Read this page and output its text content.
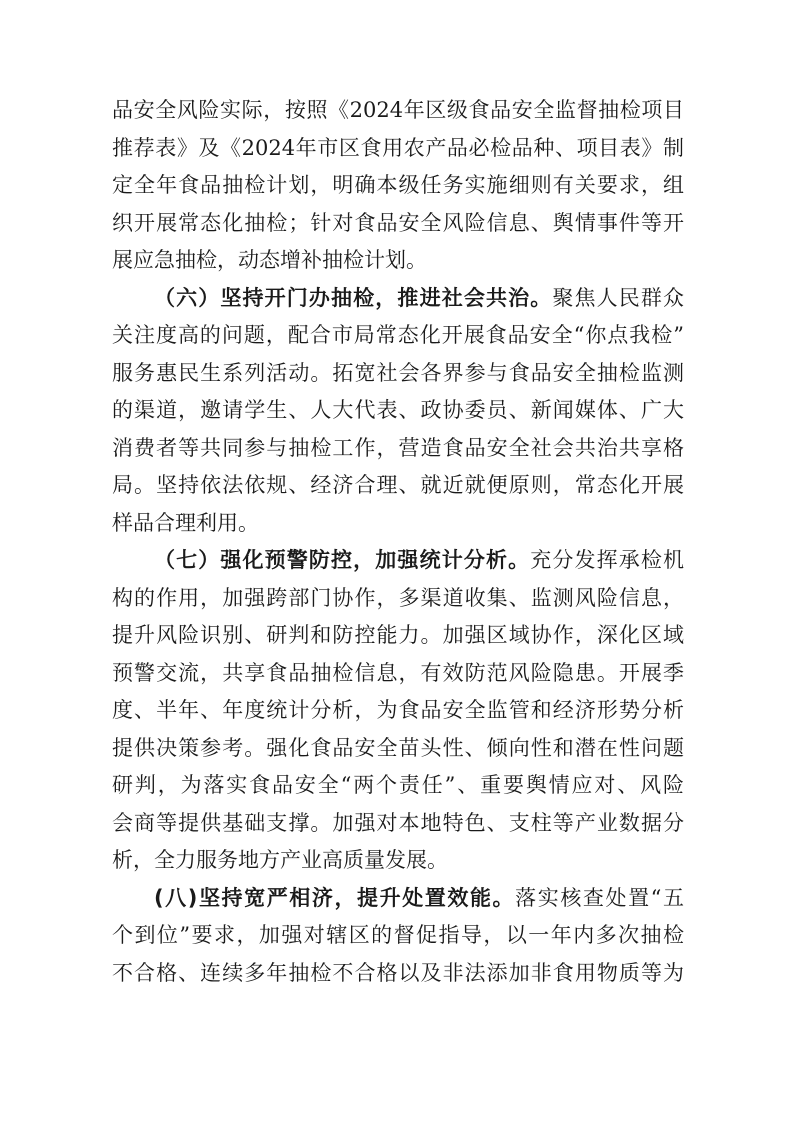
品安全风险实际，按照《2024年区级食品安全监督抽检项目
推荐表》及《2024年市区食用农产品必检品种、项目表》制
定全年食品抽检计划，明确本级任务实施细则有关要求，组
织开展常态化抽检；针对食品安全风险信息、舆情事件等开
展应急抽检，动态增补抽检计划。

（六）坚持开门办抽检，推进社会共治。聚焦人民群众
关注度高的问题，配合市局常态化开展食品安全“你点我检”
服务惠民生系列活动。拓宽社会各界参与食品安全抽检监测
的渠道，邀请学生、人大代表、政协委员、新闻媒体、广大
消费者等共同参与抽检工作，营造食品安全社会共治共享格
局。坚持依法依规、经济合理、就近就便原则，常态化开展
样品合理利用。

（七）强化预警防控，加强统计分析。充分发挥承检机
构的作用，加强跨部门协作，多渠道收集、监测风险信息，
提升风险识别、研判和防控能力。加强区域协作，深化区域
预警交流，共享食品抽检信息，有效防范风险隐患。开展季
度、半年、年度统计分析，为食品安全监管和经济形势分析
提供决策参考。强化食品安全苗头性、倾向性和潜在性问题
研判，为落实食品安全“两个责任”、重要舆情应对、风险
会商等提供基础支撑。加强对本地特色、支柱等产业数据分
析，全力服务地方产业高质量发展。

(八)坚持宽严相济，提升处置效能。落实核查处置“五
个到位”要求，加强对辖区的督促指导，以一年内多次抽检
不合格、连续多年抽检不合格以及非法添加非食用物质等为
